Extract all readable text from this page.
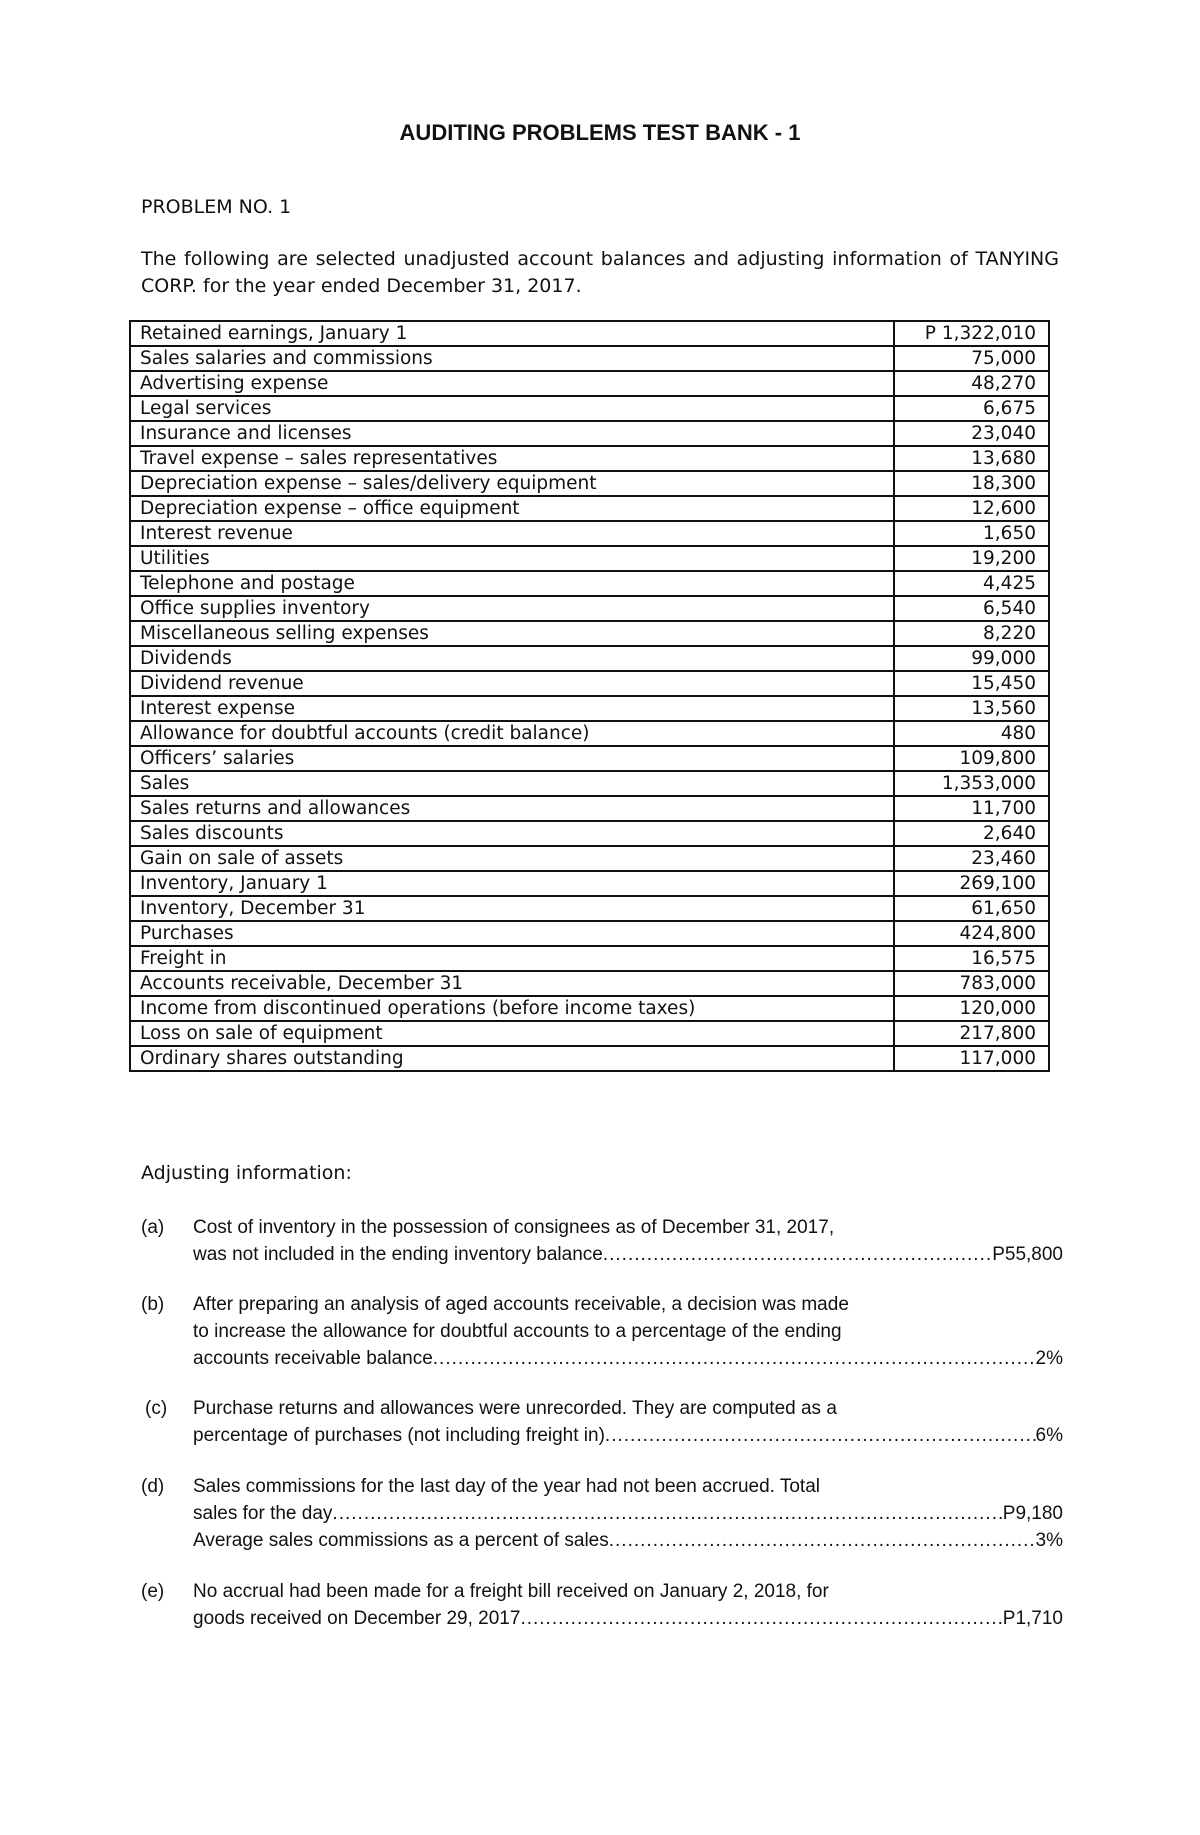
AUDITING PROBLEMS TEST BANK - 1
PROBLEM NO. 1
The following are selected unadjusted account balances and adjusting information of TANYING CORP. for the year ended December 31, 2017.
Retained earnings, January 1	P 1,322,010
Sales salaries and commissions	75,000
Advertising expense	48,270
Legal services	6,675
Insurance and licenses	23,040
Travel expense – sales representatives	13,680
Depreciation expense – sales/delivery equipment	18,300
Depreciation expense – office equipment	12,600
Interest revenue	1,650
Utilities	19,200
Telephone and postage	4,425
Office supplies inventory	6,540
Miscellaneous selling expenses	8,220
Dividends	99,000
Dividend revenue	15,450
Interest expense	13,560
Allowance for doubtful accounts (credit balance)	480
Officers’ salaries	109,800
Sales	1,353,000
Sales returns and allowances	11,700
Sales discounts	2,640
Gain on sale of assets	23,460
Inventory, January 1	269,100
Inventory, December 31	61,650
Purchases	424,800
Freight in	16,575
Accounts receivable, December 31	783,000
Income from discontinued operations (before income taxes)	120,000
Loss on sale of equipment	217,800
Ordinary shares outstanding	117,000
Adjusting information:
(a) Cost of inventory in the possession of consignees as of December 31, 2017,
was not included in the ending inventory balance .....	P55,800
(b) After preparing an analysis of aged accounts receivable, a decision was made
to increase the allowance for doubtful accounts to a percentage of the ending
accounts receivable balance .....	2%
(c) Purchase returns and allowances were unrecorded. They are computed as a
percentage of purchases (not including freight in) .....	6%
(d) Sales commissions for the last day of the year had not been accrued. Total
sales for the day .....	P9,180
Average sales commissions as a percent of sales .....	3%
(e) No accrual had been made for a freight bill received on January 2, 2018, for
goods received on December 29, 2017 .....	P1,710
